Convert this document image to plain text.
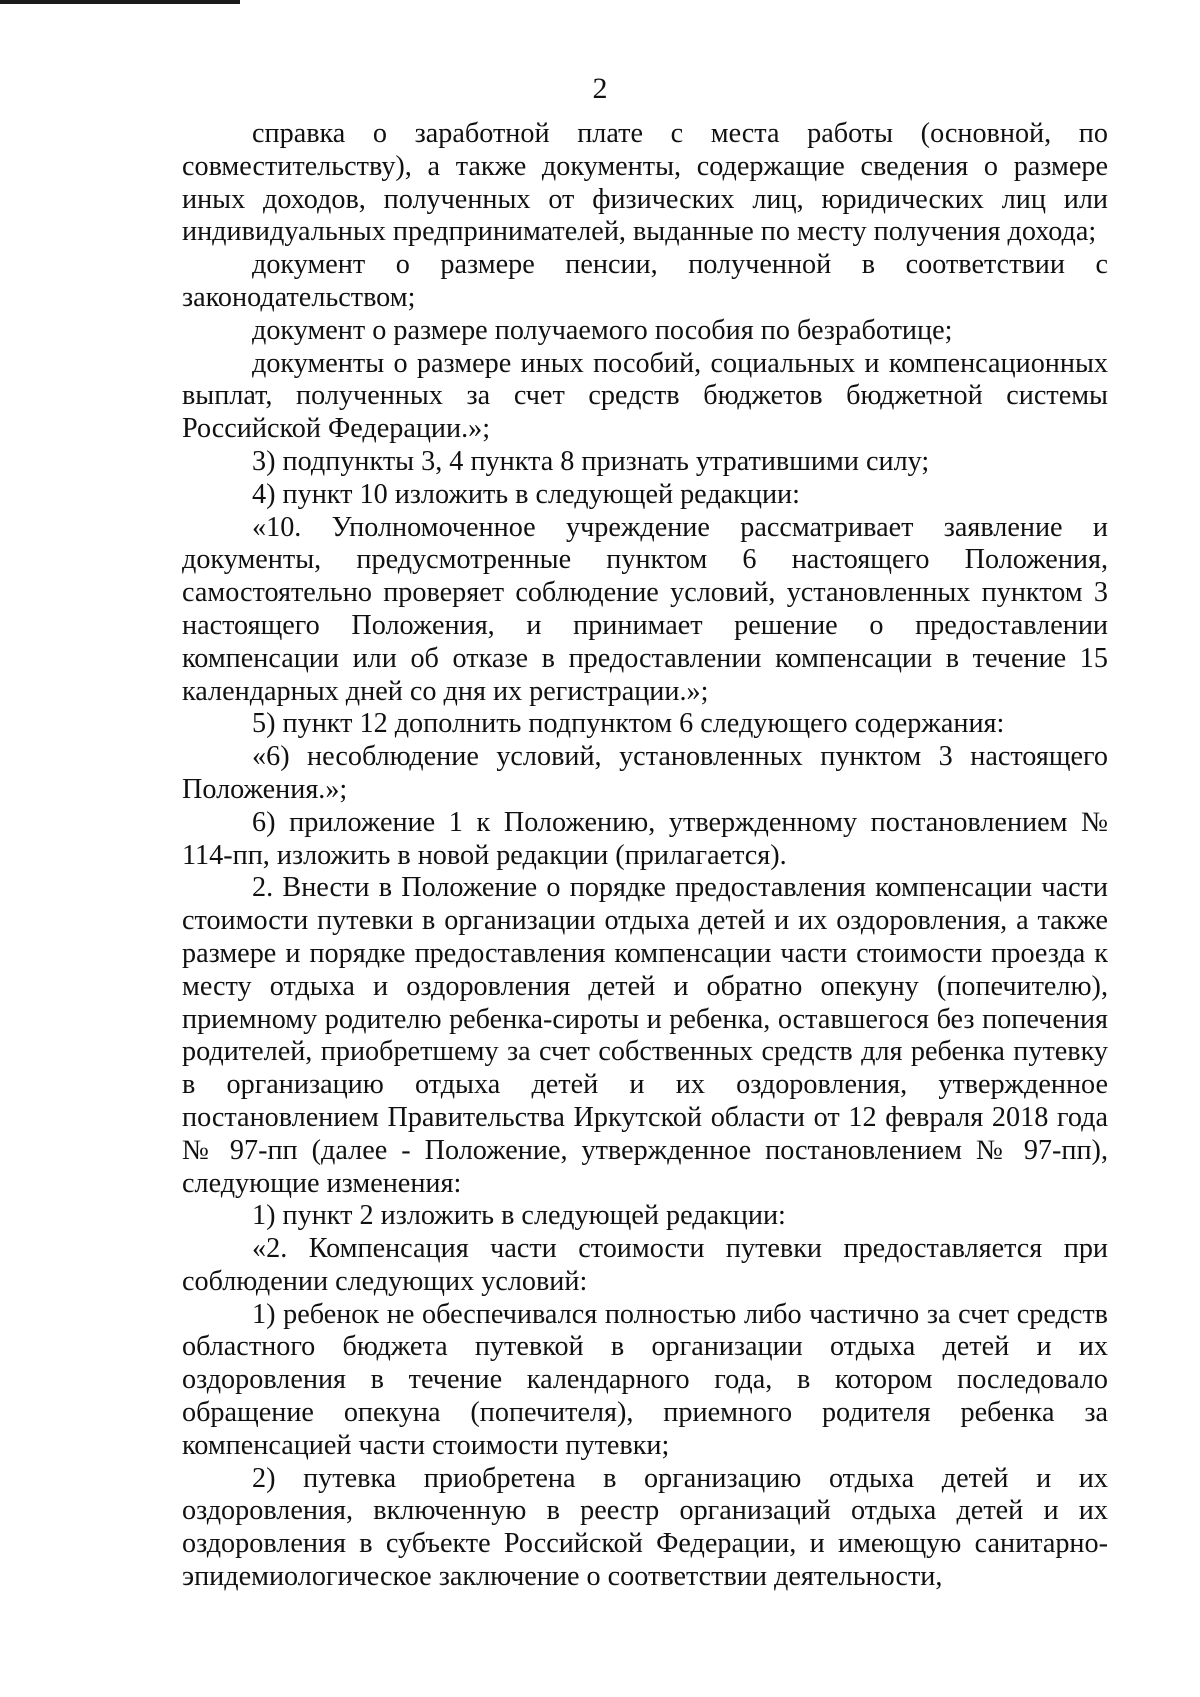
2

справка о заработной плате с места работы (основной, по совместительству), а также документы, содержащие сведения о размере иных доходов, полученных от физических лиц, юридических лиц или индивидуальных предпринимателей, выданные по месту получения дохода;

документ о размере пенсии, полученной в соответствии с законодательством;

документ о размере получаемого пособия по безработице;

документы о размере иных пособий, социальных и компенсационных выплат, полученных за счет средств бюджетов бюджетной системы Российской Федерации.»;

3) подпункты 3, 4 пункта 8 признать утратившими силу;

4) пункт 10 изложить в следующей редакции:

«10. Уполномоченное учреждение рассматривает заявление и документы, предусмотренные пунктом 6 настоящего Положения, самостоятельно проверяет соблюдение условий, установленных пунктом 3 настоящего Положения, и принимает решение о предоставлении компенсации или об отказе в предоставлении компенсации в течение 15 календарных дней со дня их регистрации.»;

5) пункт 12 дополнить подпунктом 6 следующего содержания:

«6) несоблюдение условий, установленных пунктом 3 настоящего Положения.»;

6) приложение 1 к Положению, утвержденному постановлением № 114-пп, изложить в новой редакции (прилагается).

2. Внести в Положение о порядке предоставления компенсации части стоимости путевки в организации отдыха детей и их оздоровления, а также размере и порядке предоставления компенсации части стоимости проезда к месту отдыха и оздоровления детей и обратно опекуну (попечителю), приемному родителю ребенка-сироты и ребенка, оставшегося без попечения родителей, приобретшему за счет собственных средств для ребенка путевку в организацию отдыха детей и их оздоровления, утвержденное постановлением Правительства Иркутской области от 12 февраля 2018 года № 97-пп (далее - Положение, утвержденное постановлением № 97-пп), следующие изменения:

1) пункт 2 изложить в следующей редакции:

«2. Компенсация части стоимости путевки предоставляется при соблюдении следующих условий:

1) ребенок не обеспечивался полностью либо частично за счет средств областного бюджета путевкой в организации отдыха детей и их оздоровления в течение календарного года, в котором последовало обращение опекуна (попечителя), приемного родителя ребенка за компенсацией части стоимости путевки;

2) путевка приобретена в организацию отдыха детей и их оздоровления, включенную в реестр организаций отдыха детей и их оздоровления в субъекте Российской Федерации, и имеющую санитарно-эпидемиологическое заключение о соответствии деятельности,
